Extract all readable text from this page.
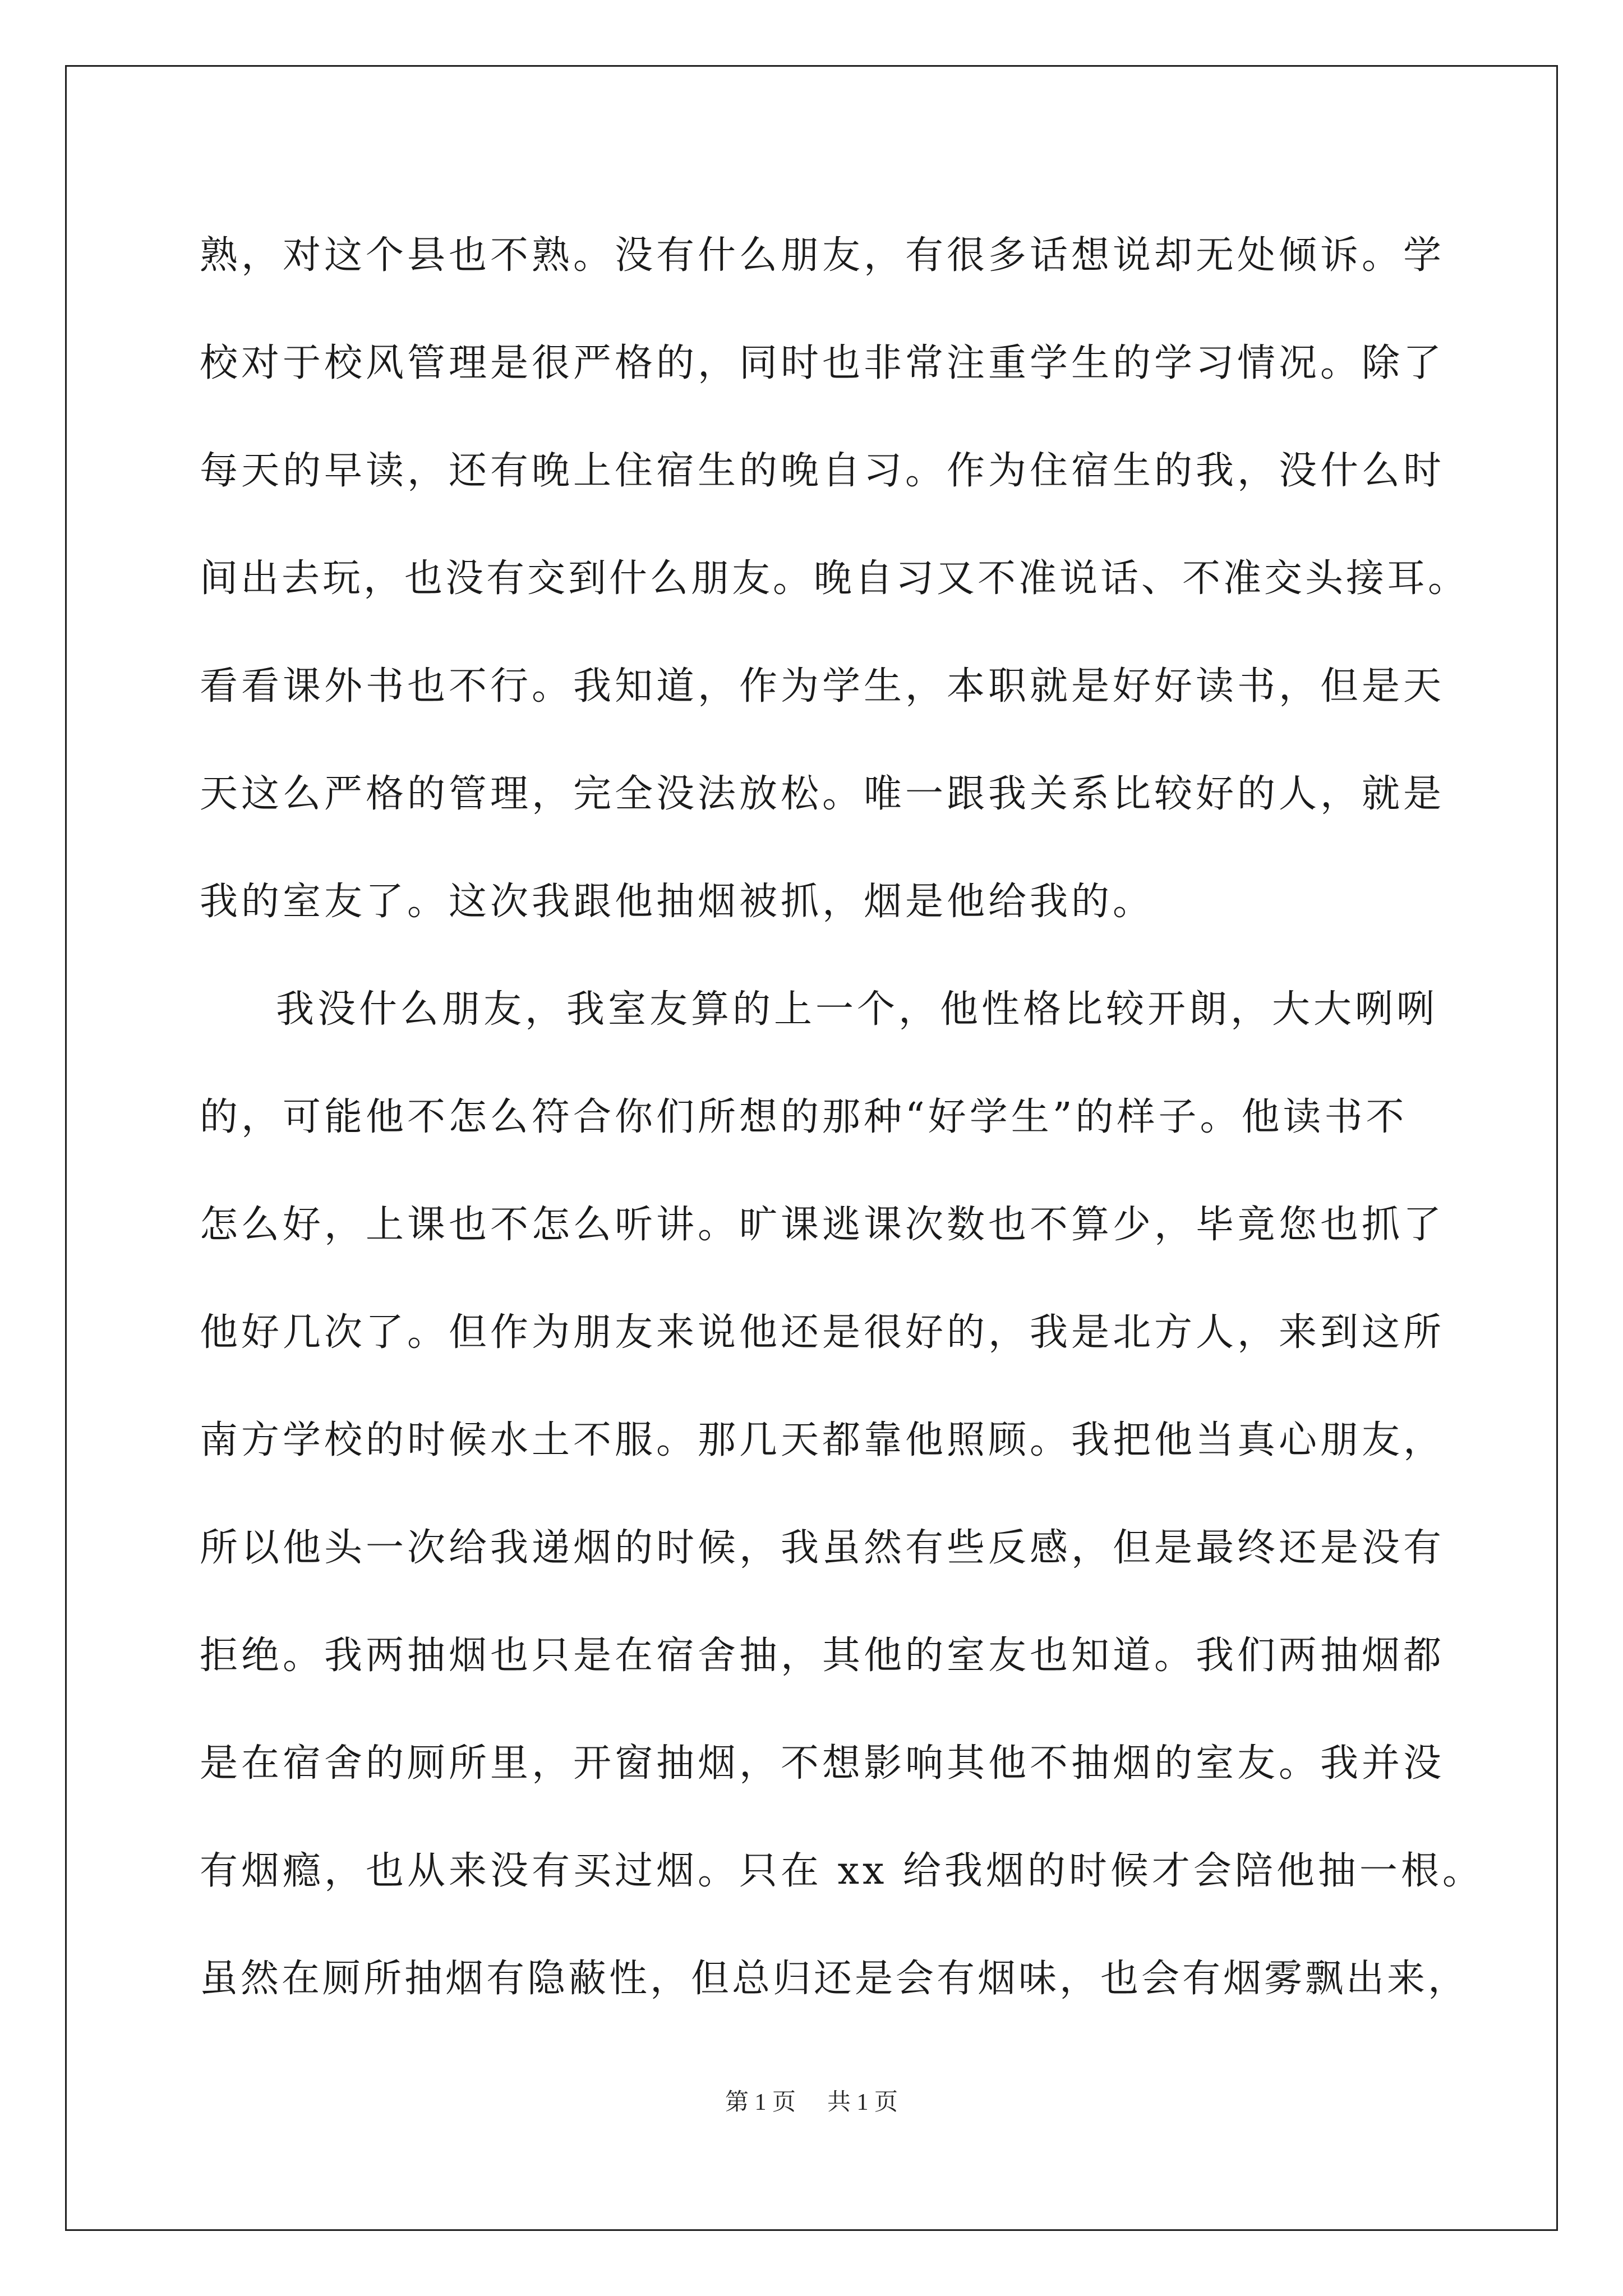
熟，对这个县也不熟。没有什么朋友，有很多话想说却无处倾诉。学
校对于校风管理是很严格的，同时也非常注重学生的学习情况。除了
每天的早读，还有晚上住宿生的晚自习。作为住宿生的我，没什么时
间出去玩，也没有交到什么朋友。晚自习又不准说话、不准交头接耳。
看看课外书也不行。我知道，作为学生，本职就是好好读书，但是天
天这么严格的管理，完全没法放松。唯一跟我关系比较好的人，就是
我的室友了。这次我跟他抽烟被抓，烟是他给我的。
我没什么朋友，我室友算的上一个，他性格比较开朗，大大咧咧
的，可能他不怎么符合你们所想的那种“好学生”的样子。他读书不
怎么好，上课也不怎么听讲。旷课逃课次数也不算少，毕竟您也抓了
他好几次了。但作为朋友来说他还是很好的，我是北方人，来到这所
南方学校的时候水土不服。那几天都靠他照顾。我把他当真心朋友，
所以他头一次给我递烟的时候，我虽然有些反感，但是最终还是没有
拒绝。我两抽烟也只是在宿舍抽，其他的室友也知道。我们两抽烟都
是在宿舍的厕所里，开窗抽烟，不想影响其他不抽烟的室友。我并没
有烟瘾，也从来没有买过烟。只在 xx 给我烟的时候才会陪他抽一根。
虽然在厕所抽烟有隐蔽性，但总归还是会有烟味，也会有烟雾飘出来，
第 1 页 共 1 页
